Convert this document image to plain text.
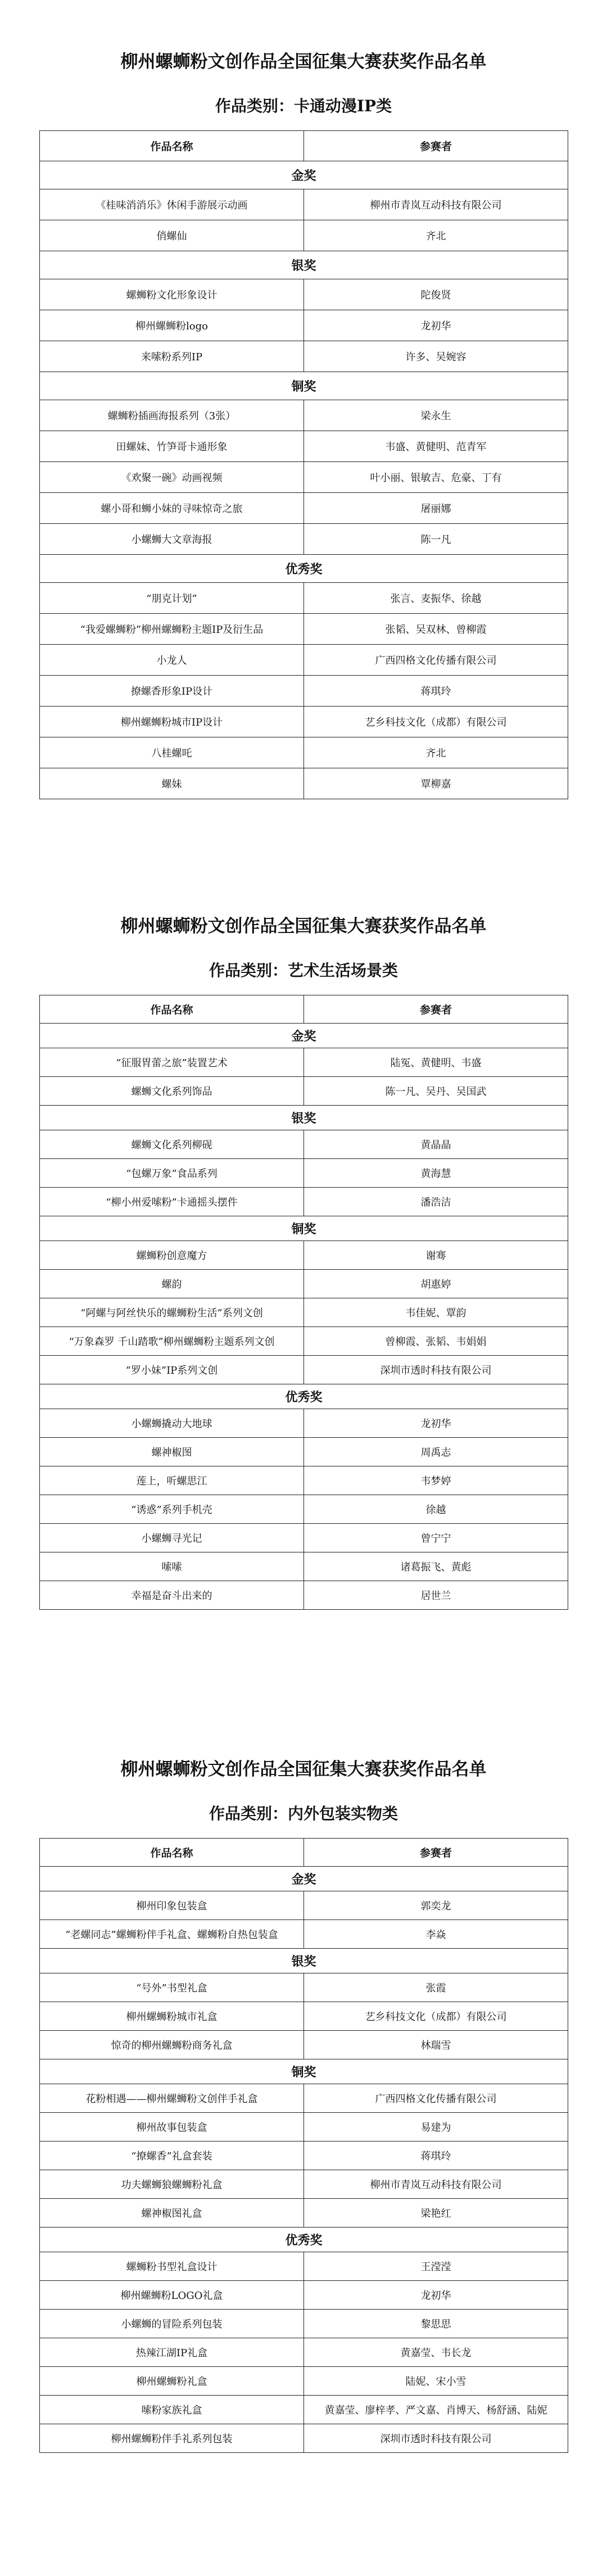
柳州螺蛳粉文创作品全国征集大赛获奖作品名单
作品类别：卡通动漫IP类
作品名称	参赛者
金奖	
《桂味消消乐》休闲手游展示动画	柳州市青岚互动科技有限公司
俏螺仙	齐北
银奖	
螺蛳粉文化形象设计	陀俊贤
柳州螺蛳粉logo	龙初华
来嗦粉系列IP	许多、吴婉容
铜奖	
螺蛳粉插画海报系列（3张）	梁永生
田螺妹、竹笋哥卡通形象	韦盛、黄健明、范青军
《欢聚一碗》动画视频	叶小丽、银敏吉、危豪、丁有
螺小哥和蛳小妹的寻味惊奇之旅	屠丽娜
小螺蛳大文章海报	陈一凡
优秀奖	
“朋克计划”	张言、麦振华、徐越
“我爱螺蛳粉”柳州螺蛳粉主题IP及衍生品	张韬、吴双林、曾柳霞
小龙人	广西四格文化传播有限公司
撩螺香形象IP设计	蒋琪玲
柳州螺蛳粉城市IP设计	艺乡科技文化（成都）有限公司
八桂螺吒	齐北
螺妹	覃柳嘉
柳州螺蛳粉文创作品全国征集大赛获奖作品名单
作品类别：艺术生活场景类
作品名称	参赛者
金奖	
“征服胃蕾之旅”装置艺术	陆冤、黄健明、韦盛
螺蛳文化系列饰品	陈一凡、吴丹、吴国武
银奖	
螺蛳文化系列柳砚	黄晶晶
“包螺万象”食品系列	黄海慧
“柳小州爱嗦粉”卡通摇头摆件	潘浩洁
铜奖	
螺蛳粉创意魔方	谢骞
螺韵	胡惠婷
“阿螺与阿丝快乐的螺蛳粉生活”系列文创	韦佳妮、覃韵
“万象森罗 千山踏歌”柳州螺蛳粉主题系列文创	曾柳霞、张韬、韦娟娟
“罗小妹”IP系列文创	深圳市透时科技有限公司
优秀奖	
小螺蛳撬动大地球	龙初华
螺神椒图	周禹志
莲上，听螺思江	韦梦婷
“诱惑”系列手机壳	徐越
小螺蛳寻光记	曾宁宁
嗦嗦	诸葛振飞、黄彪
幸福是奋斗出来的	居世兰
柳州螺蛳粉文创作品全国征集大赛获奖作品名单
作品类别：内外包装实物类
作品名称	参赛者
金奖	
柳州印象包装盒	郭奕龙
“老螺同志”螺蛳粉伴手礼盒、螺蛳粉自热包装盒	李焱
银奖	
“号外”书型礼盒	张霞
柳州螺蛳粉城市礼盒	艺乡科技文化（成都）有限公司
惊奇的柳州螺蛳粉商务礼盒	林瑞雪
铜奖	
花粉相遇——柳州螺蛳粉文创伴手礼盒	广西四格文化传播有限公司
柳州故事包装盒	易建为
“撩螺香”礼盒套装	蒋琪玲
功夫螺蛳狼螺蛳粉礼盒	柳州市青岚互动科技有限公司
螺神椒图礼盒	梁艳红
优秀奖	
螺蛳粉书型礼盒设计	王滢滢
柳州螺蛳粉LOGO礼盒	龙初华
小螺蛳的冒险系列包装	黎思思
热辣江湖IP礼盒	黄嘉莹、韦长龙
柳州螺蛳粉礼盒	陆妮、宋小雪
嗦粉家族礼盒	黄嘉莹、廖梓孝、严文嘉、肖博天、杨舒涵、陆妮
柳州螺蛳粉伴手礼系列包装	深圳市透时科技有限公司
